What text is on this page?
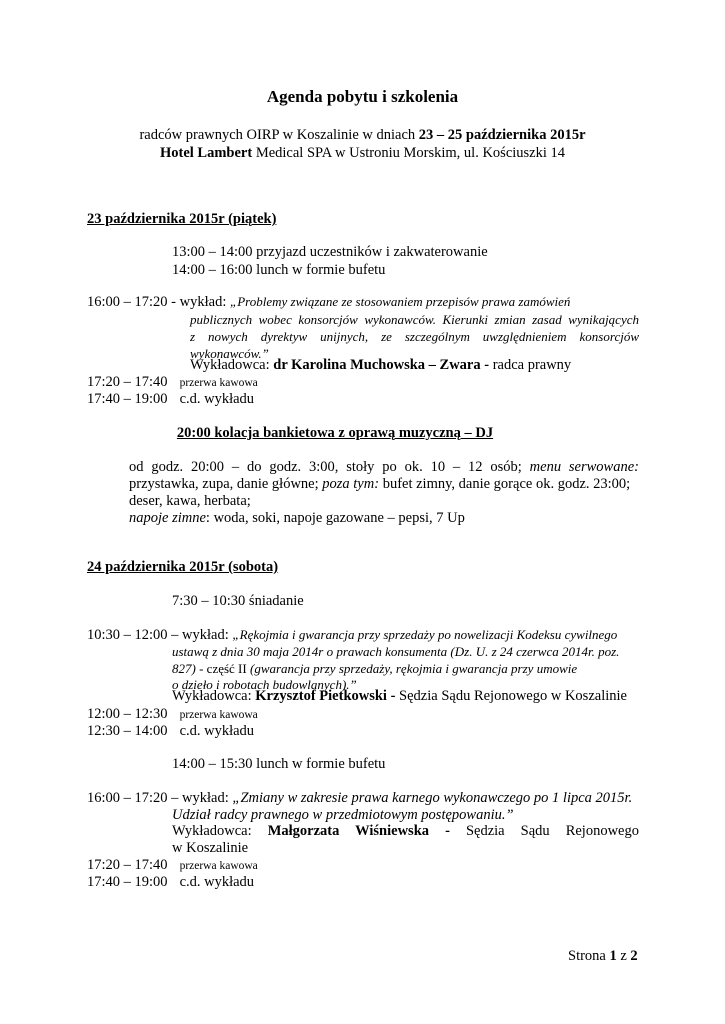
Agenda pobytu i szkolenia
radców prawnych OIRP w Koszalinie w dniach 23 – 25 października 2015r
Hotel Lambert Medical SPA w Ustroniu Morskim, ul. Kościuszki 14
23 października 2015r (piątek)
13:00 – 14:00 przyjazd uczestników i zakwaterowanie
14:00 – 16:00 lunch w formie bufetu
16:00 – 17:20 - wykład: „Problemy związane ze stosowaniem przepisów prawa zamówień
publicznych wobec konsorcjów wykonawców. Kierunki zmian zasad wynikających
z nowych dyrektyw unijnych, ze szczególnym uwzględnieniem konsorcjów
wykonawców.”
Wykładowca: dr Karolina Muchowska – Zwara - radca prawny
17:20 – 17:40 przerwa kawowa
17:40 – 19:00 c.d. wykładu
20:00 kolacja bankietowa z oprawą muzyczną – DJ
od godz. 20:00 – do godz. 3:00, stoły po ok. 10 – 12 osób; menu serwowane:
przystawka, zupa, danie główne; poza tym: bufet zimny, danie gorące ok. godz. 23:00;
deser, kawa, herbata;
napoje zimne: woda, soki, napoje gazowane – pepsi, 7 Up
24 października 2015r (sobota)
7:30 – 10:30 śniadanie
10:30 – 12:00 – wykład: „Rękojmia i gwarancja przy sprzedaży po nowelizacji Kodeksu cywilnego
ustawą z dnia 30 maja 2014r o prawach konsumenta (Dz. U. z 24 czerwca 2014r. poz.
827) - część II (gwarancja przy sprzedaży, rękojmia i gwarancja przy umowie
o dzieło i robotach budowlanych).”
Wykładowca: Krzysztof Pietkowski - Sędzia Sądu Rejonowego w Koszalinie
12:00 – 12:30 przerwa kawowa
12:30 – 14:00 c.d. wykładu
14:00 – 15:30 lunch w formie bufetu
16:00 – 17:20 – wykład: „Zmiany w zakresie prawa karnego wykonawczego po 1 lipca 2015r.
Udział radcy prawnego w przedmiotowym postępowaniu.”
Wykładowca: Małgorzata Wiśniewska - Sędzia Sądu Rejonowego
w Koszalinie
17:20 – 17:40 przerwa kawowa
17:40 – 19:00 c.d. wykładu
Strona 1 z 2
